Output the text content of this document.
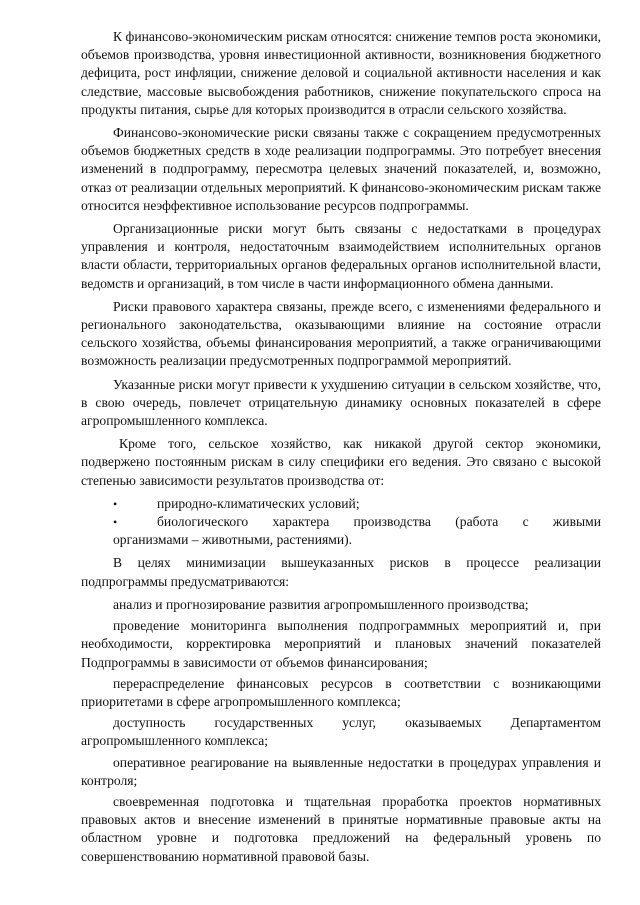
К финансово-экономическим рискам относятся: снижение темпов роста экономики, объемов производства, уровня инвестиционной активности, возникновения бюджетного дефицита, рост инфляции, снижение деловой и социальной активности населения и как следствие, массовые высвобождения работников, снижение покупательского спроса на продукты питания, сырье для которых производится в отрасли сельского хозяйства.

Финансово-экономические риски связаны также с сокращением предусмотренных объемов бюджетных средств в ходе реализации подпрограммы. Это потребует внесения изменений в подпрограмму, пересмотра целевых значений показателей, и, возможно, отказ от реализации отдельных мероприятий. К финансово-экономическим рискам также относится неэффективное использование ресурсов подпрограммы.

Организационные риски могут быть связаны с недостатками в процедурах управления и контроля, недостаточным взаимодействием исполнительных органов власти области, территориальных органов федеральных органов исполнительной власти, ведомств и организаций, в том числе в части информационного обмена данными.

Риски правового характера связаны, прежде всего, с изменениями федерального и регионального законодательства, оказывающими влияние на состояние отрасли сельского хозяйства, объемы финансирования мероприятий, а также ограничивающими возможность реализации предусмотренных подпрограммой мероприятий.

Указанные риски могут привести к ухудшению ситуации в сельском хозяйстве, что, в свою очередь, повлечет отрицательную динамику основных показателей в сфере агропромышленного комплекса.

Кроме того, сельское хозяйство, как никакой другой сектор экономики, подвержено постоянным рискам в силу специфики его ведения. Это связано с высокой степенью зависимости результатов производства от:

•	природно-климатических условий;
•	биологического характера производства (работа с живыми

организмами – животными, растениями).

В целях минимизации вышеуказанных рисков в процессе реализации подпрограммы предусматриваются:

анализ и прогнозирование развития агропромышленного производства;

проведение мониторинга выполнения подпрограммных мероприятий и, при необходимости, корректировка мероприятий и плановых значений показателей Подпрограммы в зависимости от объемов финансирования;

перераспределение финансовых ресурсов в соответствии с возникающими приоритетами в сфере агропромышленного комплекса;

доступность государственных услуг, оказываемых Департаментом агропромышленного комплекса;

оперативное реагирование на выявленные недостатки в процедурах управления и контроля;

своевременная подготовка и тщательная проработка проектов нормативных правовых актов и внесение изменений в принятые нормативные правовые акты на областном уровне и подготовка предложений на федеральный уровень по совершенствованию нормативной правовой базы.
